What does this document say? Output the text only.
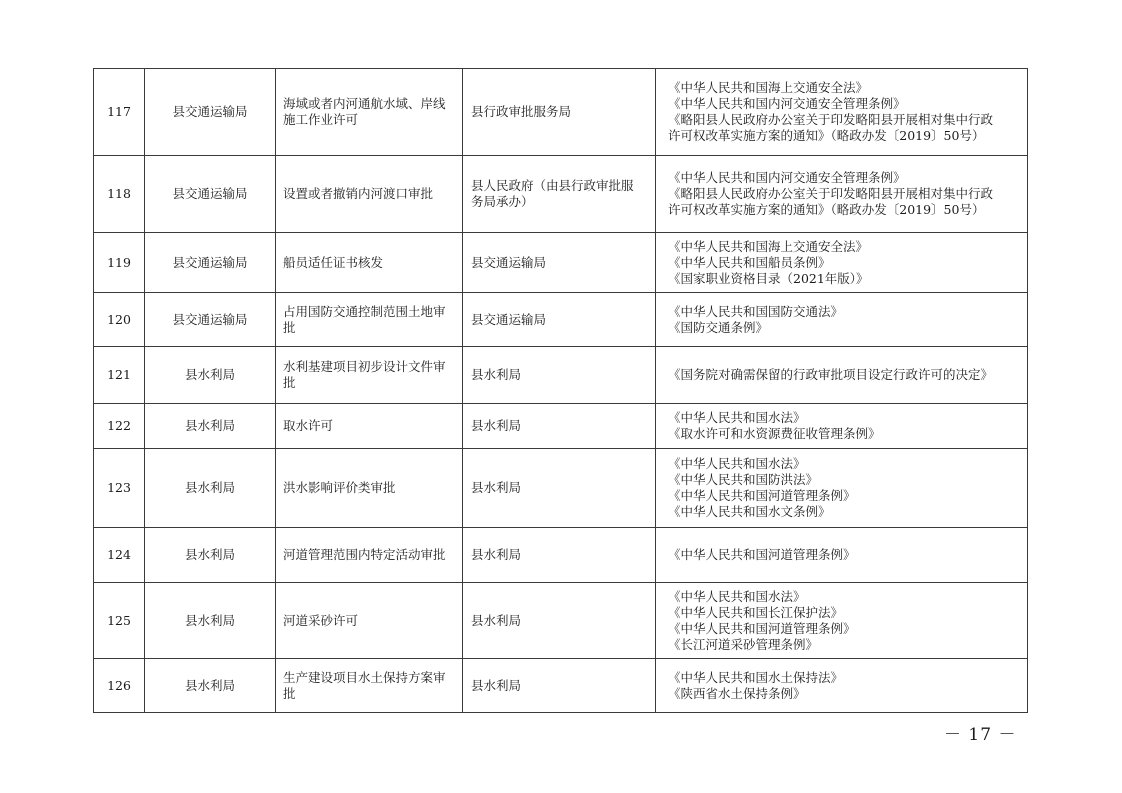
117	县交通运输局	海域或者内河通航水域、岸线施工作业许可	县行政审批服务局	《中华人民共和国海上交通安全法》
《中华人民共和国内河交通安全管理条例》
《略阳县人民政府办公室关于印发略阳县开展相对集中行政
许可权改革实施方案的通知》（略政办发〔2019〕50号）

118	县交通运输局	设置或者撤销内河渡口审批	县人民政府（由县行政审批服务局承办）	《中华人民共和国内河交通安全管理条例》
《略阳县人民政府办公室关于印发略阳县开展相对集中行政
许可权改革实施方案的通知》（略政办发〔2019〕50号）

119	县交通运输局	船员适任证书核发	县交通运输局	《中华人民共和国海上交通安全法》
《中华人民共和国船员条例》
《国家职业资格目录（2021年版）》

120	县交通运输局	占用国防交通控制范围土地审批	县交通运输局	《中华人民共和国国防交通法》
《国防交通条例》

121	县水利局	水利基建项目初步设计文件审批	县水利局	《国务院对确需保留的行政审批项目设定行政许可的决定》

122	县水利局	取水许可	县水利局	《中华人民共和国水法》
《取水许可和水资源费征收管理条例》

123	县水利局	洪水影响评价类审批	县水利局	《中华人民共和国水法》
《中华人民共和国防洪法》
《中华人民共和国河道管理条例》
《中华人民共和国水文条例》

124	县水利局	河道管理范围内特定活动审批	县水利局	《中华人民共和国河道管理条例》

125	县水利局	河道采砂许可	县水利局	《中华人民共和国水法》
《中华人民共和国长江保护法》
《中华人民共和国河道管理条例》
《长江河道采砂管理条例》

126	县水利局	生产建设项目水土保持方案审批	县水利局	《中华人民共和国水土保持法》
《陕西省水土保持条例》
－ 17 －
